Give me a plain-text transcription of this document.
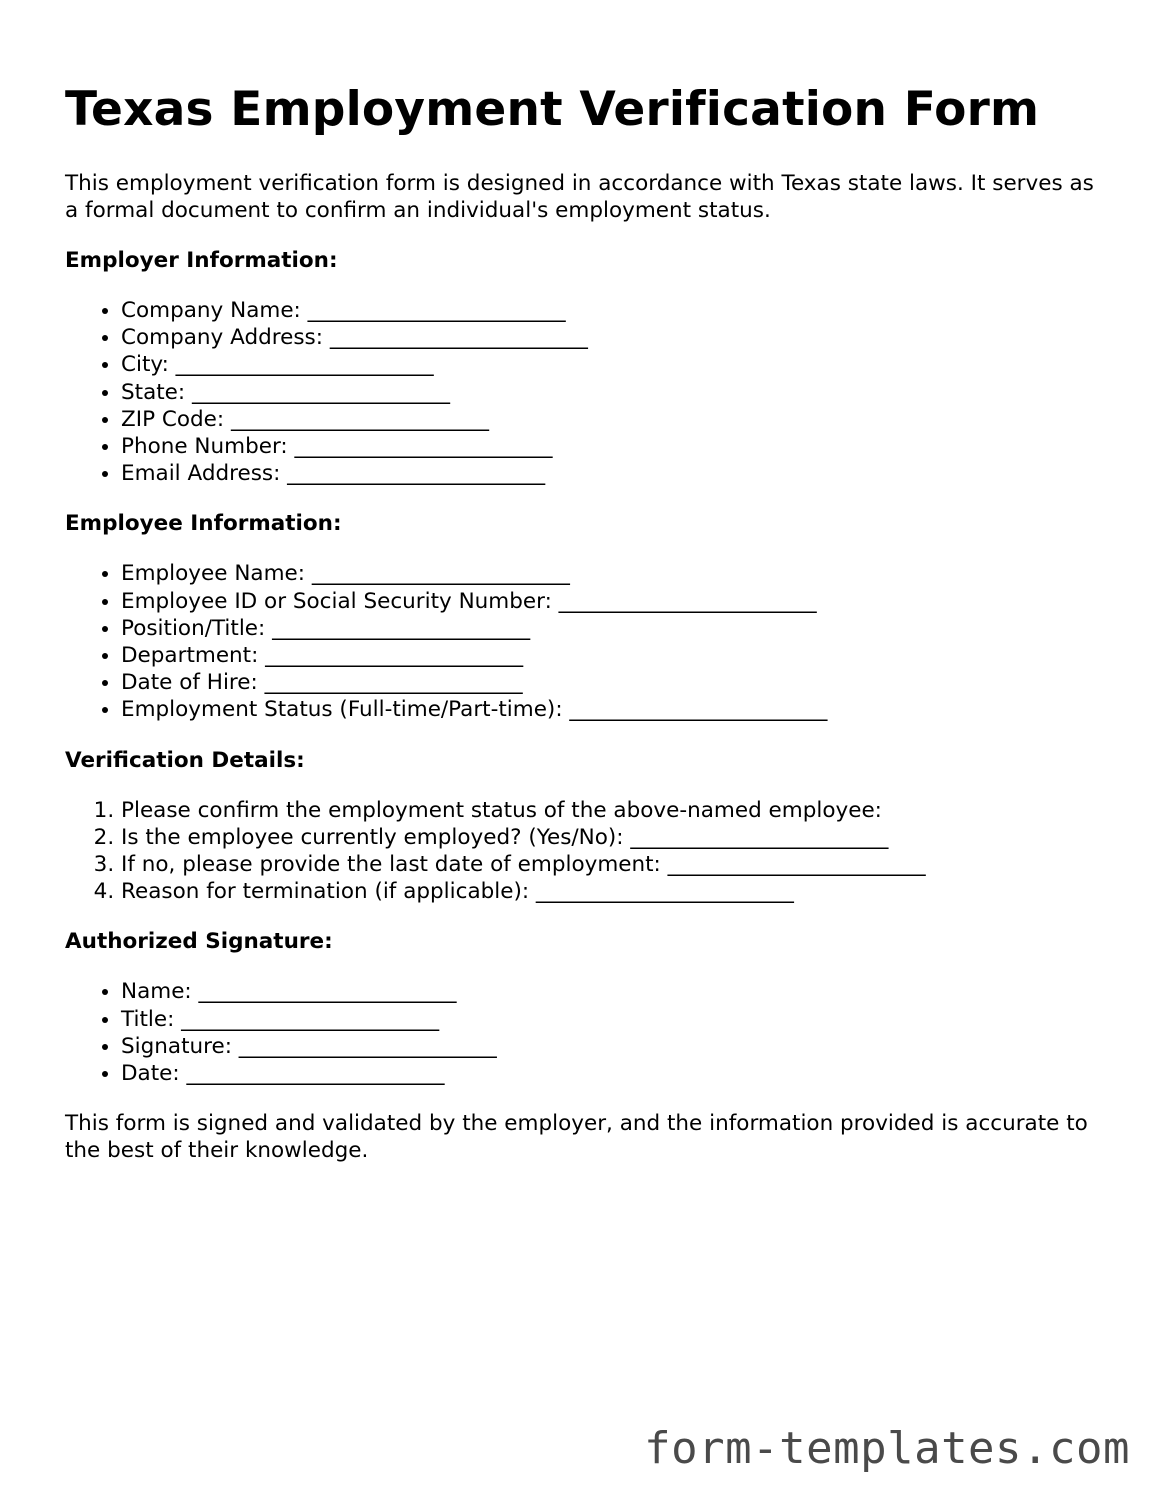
Texas Employment Verification Form

This employment verification form is designed in accordance with Texas state laws. It serves as a formal document to confirm an individual's employment status.

Employer Information:
• Company Name: ________________________
• Company Address: ________________________
• City: ________________________
• State: ________________________
• ZIP Code: ________________________
• Phone Number: ________________________
• Email Address: ________________________
Employee Information:
• Employee Name: ________________________
• Employee ID or Social Security Number: ________________________
• Position/Title: ________________________
• Department: ________________________
• Date of Hire: ________________________
• Employment Status (Full-time/Part-time): ________________________
Verification Details:
1. Please confirm the employment status of the above-named employee:
2. Is the employee currently employed? (Yes/No): ________________________
3. If no, please provide the last date of employment: ________________________
4. Reason for termination (if applicable): ________________________
Authorized Signature:
• Name: ________________________
• Title: ________________________
• Signature: ________________________
• Date: ________________________

This form is signed and validated by the employer, and the information provided is accurate to the best of their knowledge.

form-templates.com
